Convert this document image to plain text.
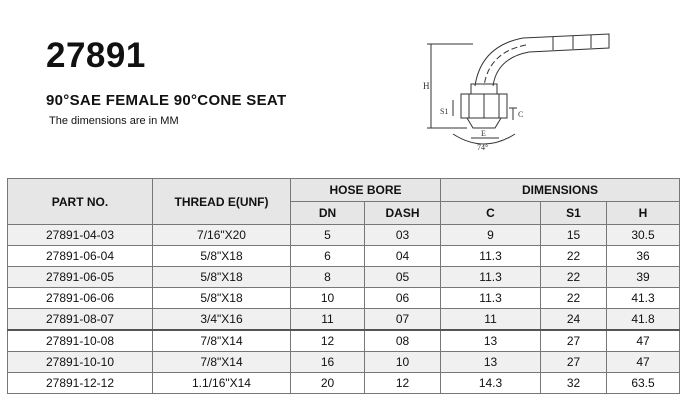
27891
90°SAE FEMALE 90°CONE SEAT
The dimensions are in MM
H
S1
E
C
74°
PART NO.	THREAD E(UNF)	HOSE BORE		DIMENSIONS		
		DN	DASH	C	S1	H
27891-04-03	7/16"X20	5	03	9	15	30.5
27891-06-04	5/8"X18	6	04	11.3	22	36
27891-06-05	5/8"X18	8	05	11.3	22	39
27891-06-06	5/8"X18	10	06	11.3	22	41.3
27891-08-07	3/4"X16	11	07	11	24	41.8
27891-10-08	7/8"X14	12	08	13	27	47
27891-10-10	7/8"X14	16	10	13	27	47
27891-12-12	1.1/16"X14	20	12	14.3	32	63.5
